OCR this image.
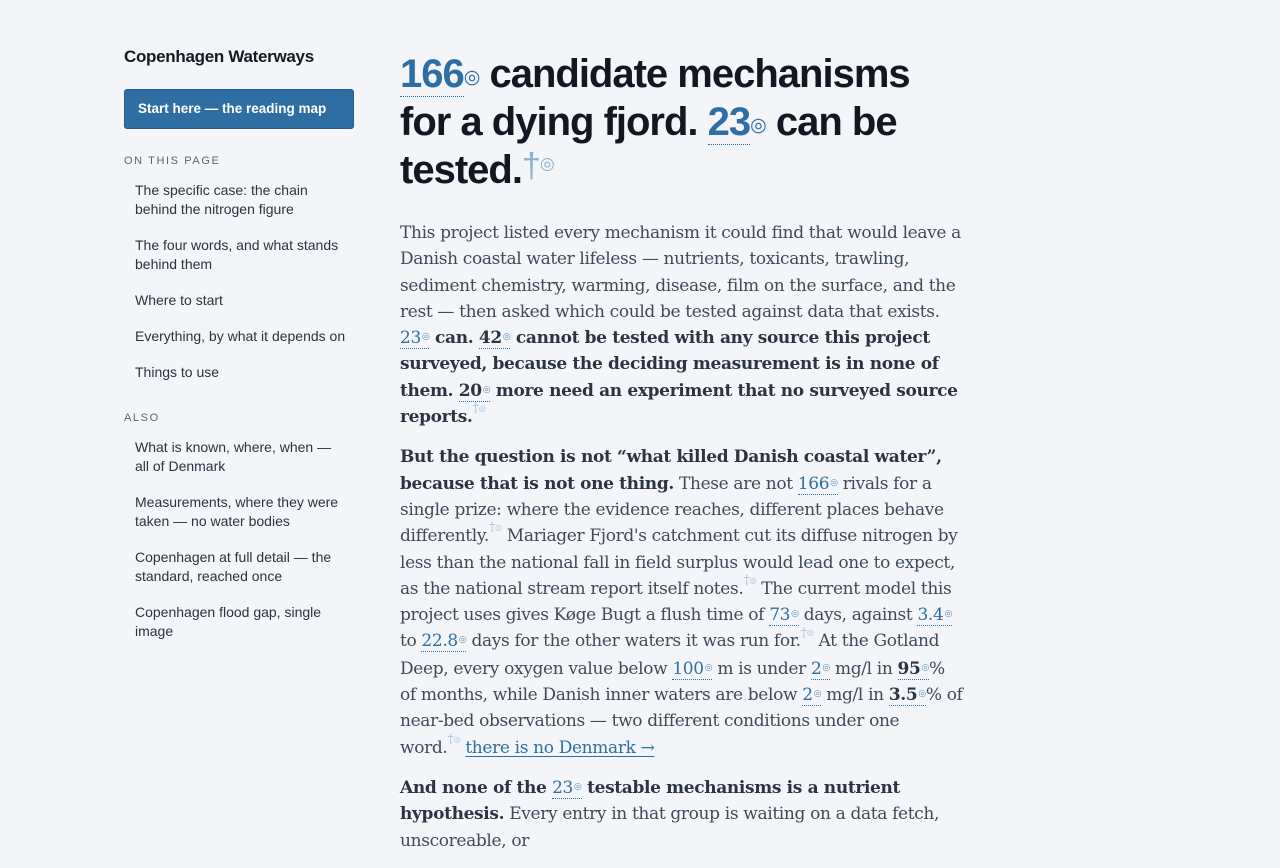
Copenhagen Waterways
Start here — the reading map
ON THIS PAGE
The specific case: the chain behind the nitrogen figure
The four words, and what stands behind them
Where to start
Everything, by what it depends on
Things to use
ALSO
What is known, where, when — all of Denmark
Measurements, where they were taken — no water bodies
Copenhagen at full detail — the standard, reached once
Copenhagen flood gap, single image
166◎ candidate mechanisms for a dying fjord. 23◎ can be tested.†◎

This project listed every mechanism it could find that would leave a Danish coastal water lifeless — nutrients, toxicants, trawling, sediment chemistry, warming, disease, film on the surface, and the rest — then asked which could be tested against data that exists. 23◎ can. 42◎ cannot be tested with any source this project surveyed, because the deciding measurement is in none of them. 20◎ more need an experiment that no surveyed source reports.†◎

But the question is not “what killed Danish coastal water”, because that is not one thing. These are not 166◎ rivals for a single prize: where the evidence reaches, different places behave differently.†◎ Mariager Fjord's catchment cut its diffuse nitrogen by less than the national fall in field surplus would lead one to expect, as the national stream report itself notes.†◎ The current model this project uses gives Køge Bugt a flush time of 73◎ days, against 3.4◎ to 22.8◎ days for the other waters it was run for.†◎ At the Gotland Deep, every oxygen value below 100◎ m is under 2◎ mg/l in 95◎% of months, while Danish inner waters are below 2◎ mg/l in 3.5◎% of near-bed observations — two different conditions under one word.†◎ there is no Denmark →

And none of the 23◎ testable mechanisms is a nutrient hypothesis. Every entry in that group is waiting on a data fetch, unscoreable, or
